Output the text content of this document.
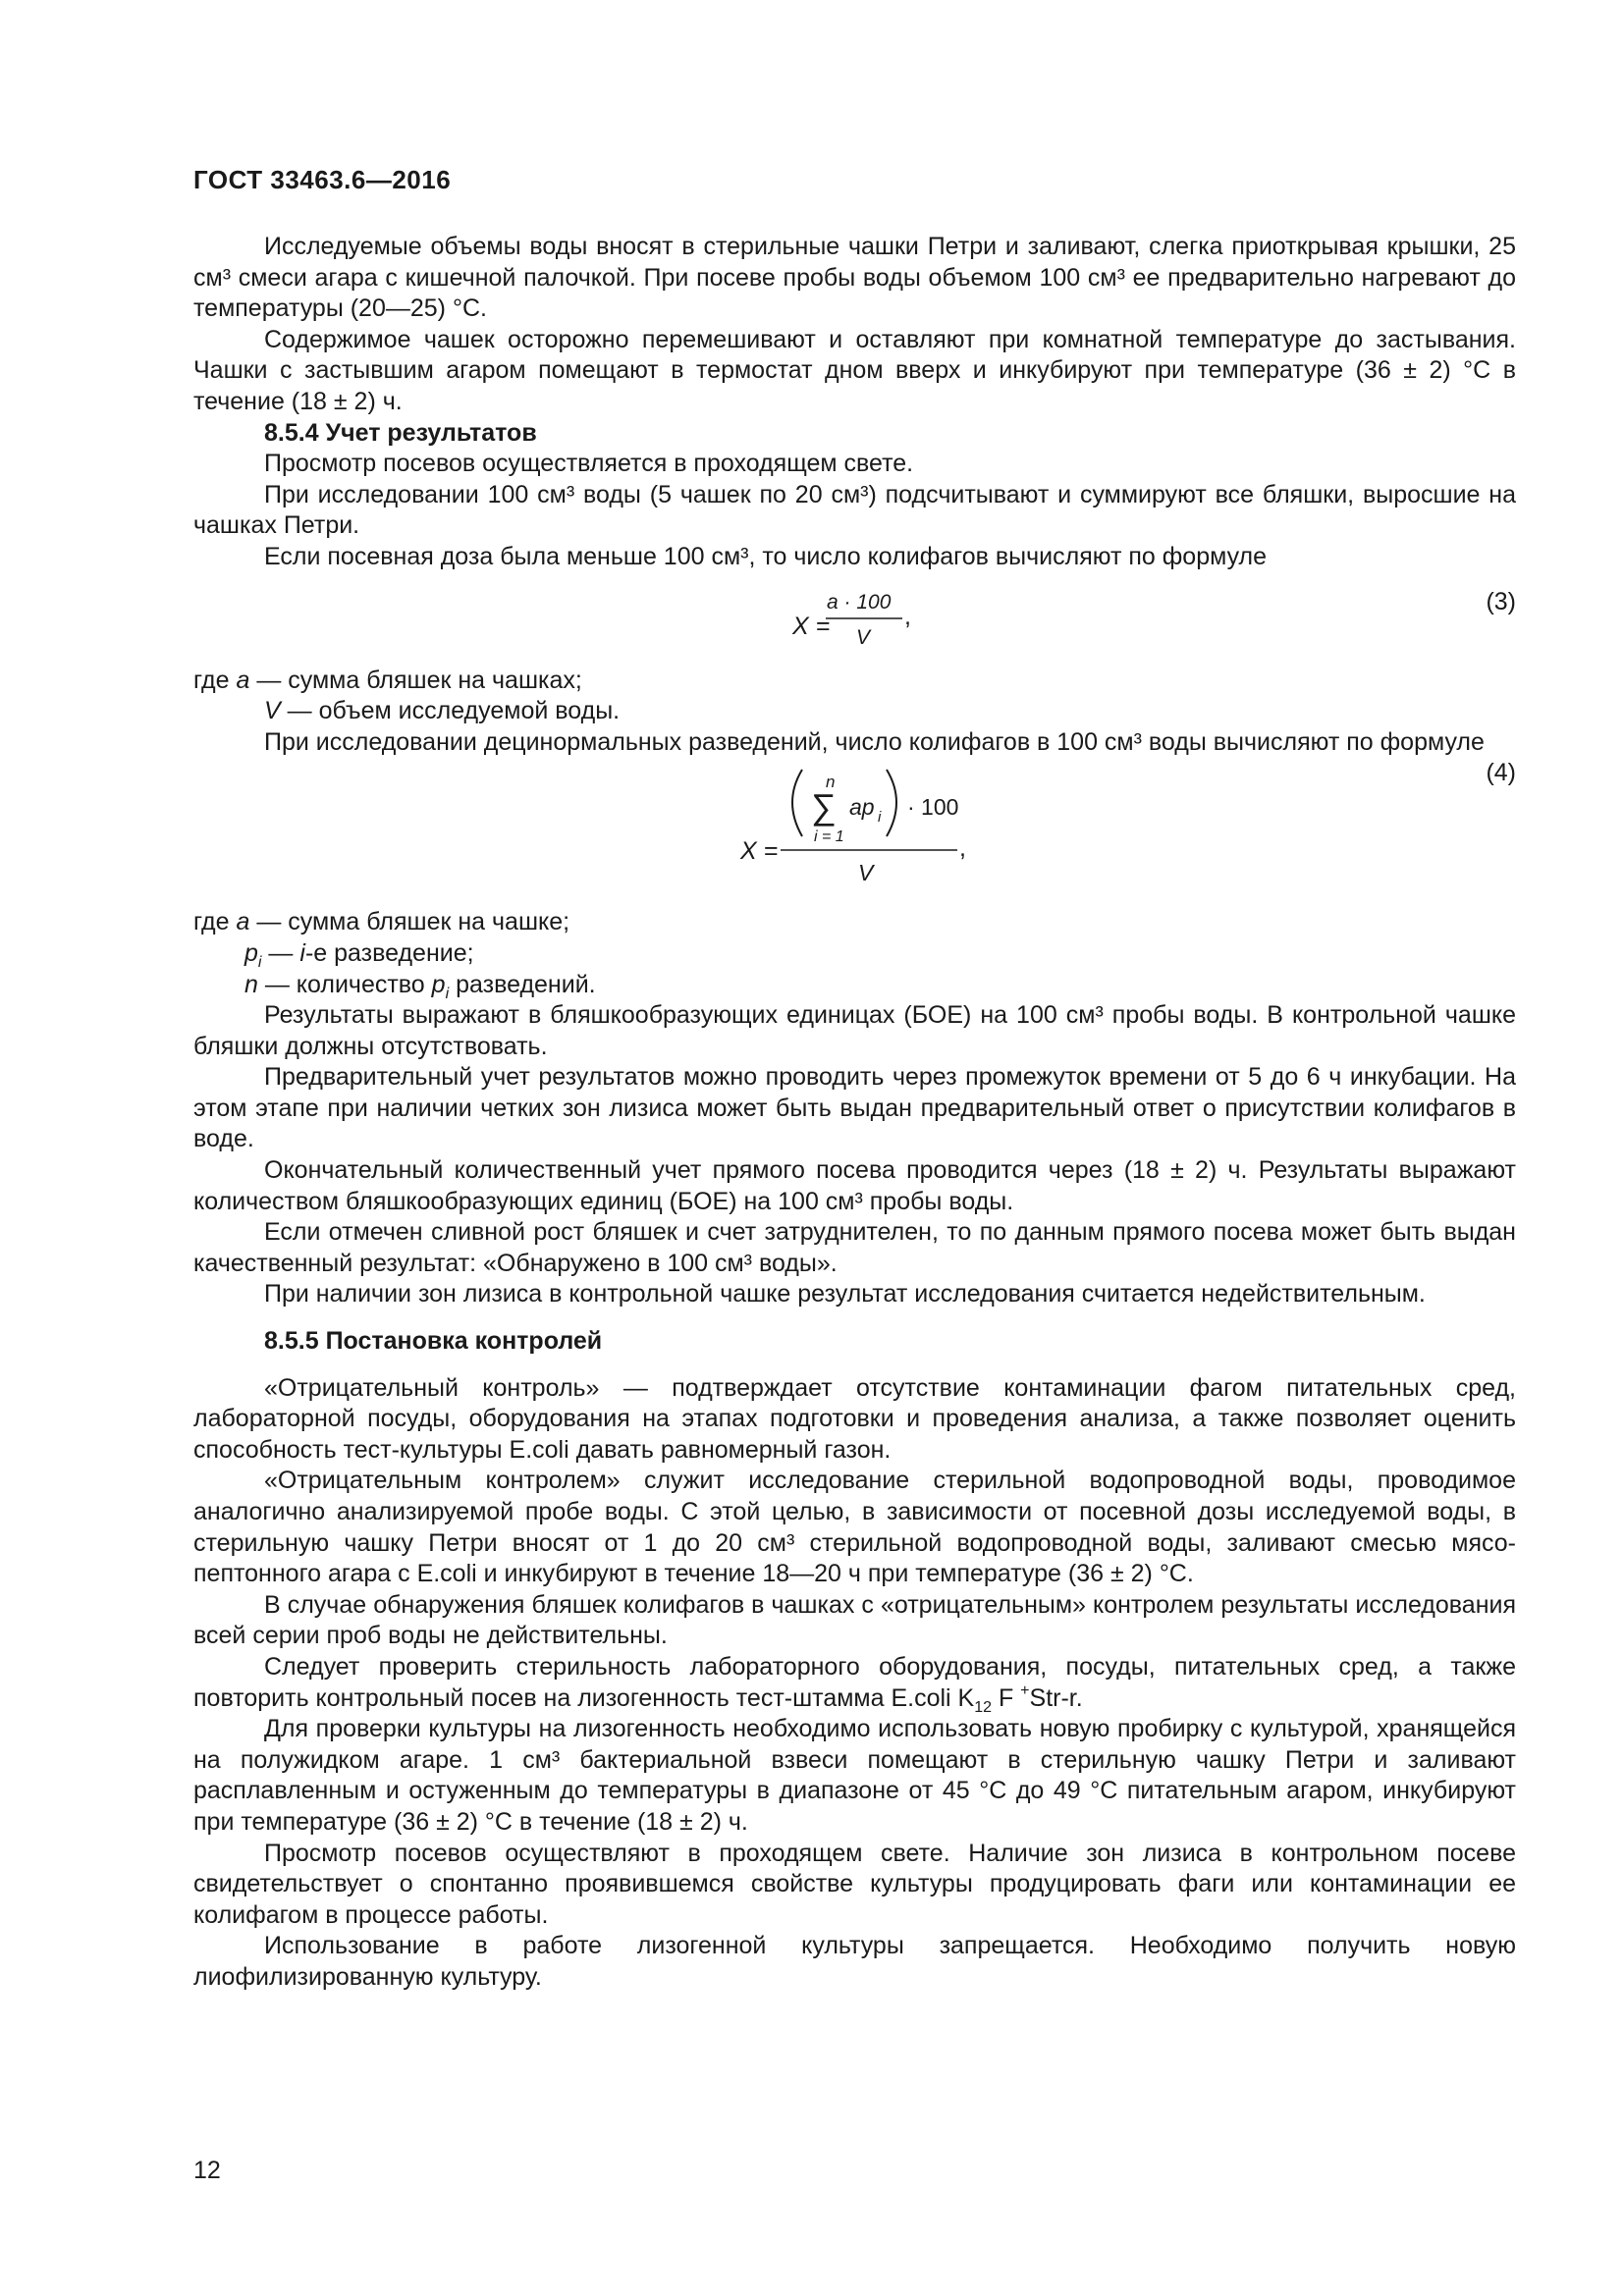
ГОСТ 33463.6—2016

Исследуемые объемы воды вносят в стерильные чашки Петри и заливают, слегка приоткрывая крышки, 25 см³ смеси агара с кишечной палочкой. При посеве пробы воды объемом 100 см³ ее предварительно нагревают до температуры (20—25) °С.

Содержимое чашек осторожно перемешивают и оставляют при комнатной температуре до застывания. Чашки с застывшим агаром помещают в термостат дном вверх и инкубируют при температуре (36 ± 2) °С в течение (18 ± 2) ч.

8.5.4 Учет результатов

Просмотр посевов осуществляется в проходящем свете.

При исследовании 100 см³ воды (5 чашек по 20 см³) подсчитывают и суммируют все бляшки, выросшие на чашках Петри.

Если посевная доза была меньше 100 см³, то число колифагов вычисляют по формуле

X =
a · 100
V
,
(3)

где a — сумма бляшек на чашках;

V — объем исследуемой воды.

При исследовании децинормальных разведений, число колифагов в 100 см³ воды вычисляют по формуле

X =
n
∑ ap i
i = 1
· 100
V
,
(4)

где a — сумма бляшек на чашке;

$p_i$ — i-е разведение;

n — количество $p_i$ разведений.

Результаты выражают в бляшкообразующих единицах (БОЕ) на 100 см³ пробы воды. В контрольной чашке бляшки должны отсутствовать.

Предварительный учет результатов можно проводить через промежуток времени от 5 до 6 ч инкубации. На этом этапе при наличии четких зон лизиса может быть выдан предварительный ответ о присутствии колифагов в воде.

Окончательный количественный учет прямого посева проводится через (18 ± 2) ч. Результаты выражают количеством бляшкообразующих единиц (БОЕ) на 100 см³ пробы воды.

Если отмечен сливной рост бляшек и счет затруднителен, то по данным прямого посева может быть выдан качественный результат: «Обнаружено в 100 см³ воды».

При наличии зон лизиса в контрольной чашке результат исследования считается недействительным.

8.5.5 Постановка контролей

«Отрицательный контроль» — подтверждает отсутствие контаминации фагом питательных сред, лабораторной посуды, оборудования на этапах подготовки и проведения анализа, а также позволяет оценить способность тест-культуры E.coli давать равномерный газон.

«Отрицательным контролем» служит исследование стерильной водопроводной воды, проводимое аналогично анализируемой пробе воды. С этой целью, в зависимости от посевной дозы исследуемой воды, в стерильную чашку Петри вносят от 1 до 20 см³ стерильной водопроводной воды, заливают смесью мясо-пептонного агара с E.coli и инкубируют в течение 18—20 ч при температуре (36 ± 2) °С.

В случае обнаружения бляшек колифагов в чашках с «отрицательным» контролем результаты исследования всей серии проб воды не действительны.

Следует проверить стерильность лабораторного оборудования, посуды, питательных сред, а также повторить контрольный посев на лизогенность тест-штамма E.coli $K_{12}$ F +Str-r.

Для проверки культуры на лизогенность необходимо использовать новую пробирку с культурой, хранящейся на полужидком агаре. 1 см³ бактериальной взвеси помещают в стерильную чашку Петри и заливают расплавленным и остуженным до температуры в диапазоне от 45 °С до 49 °С питательным агаром, инкубируют при температуре (36 ± 2) °С в течение (18 ± 2) ч.

Просмотр посевов осуществляют в проходящем свете. Наличие зон лизиса в контрольном посеве свидетельствует о спонтанно проявившемся свойстве культуры продуцировать фаги или контаминации ее колифагом в процессе работы.

Использование в работе лизогенной культуры запрещается. Необходимо получить новую лиофилизированную культуру.

12
